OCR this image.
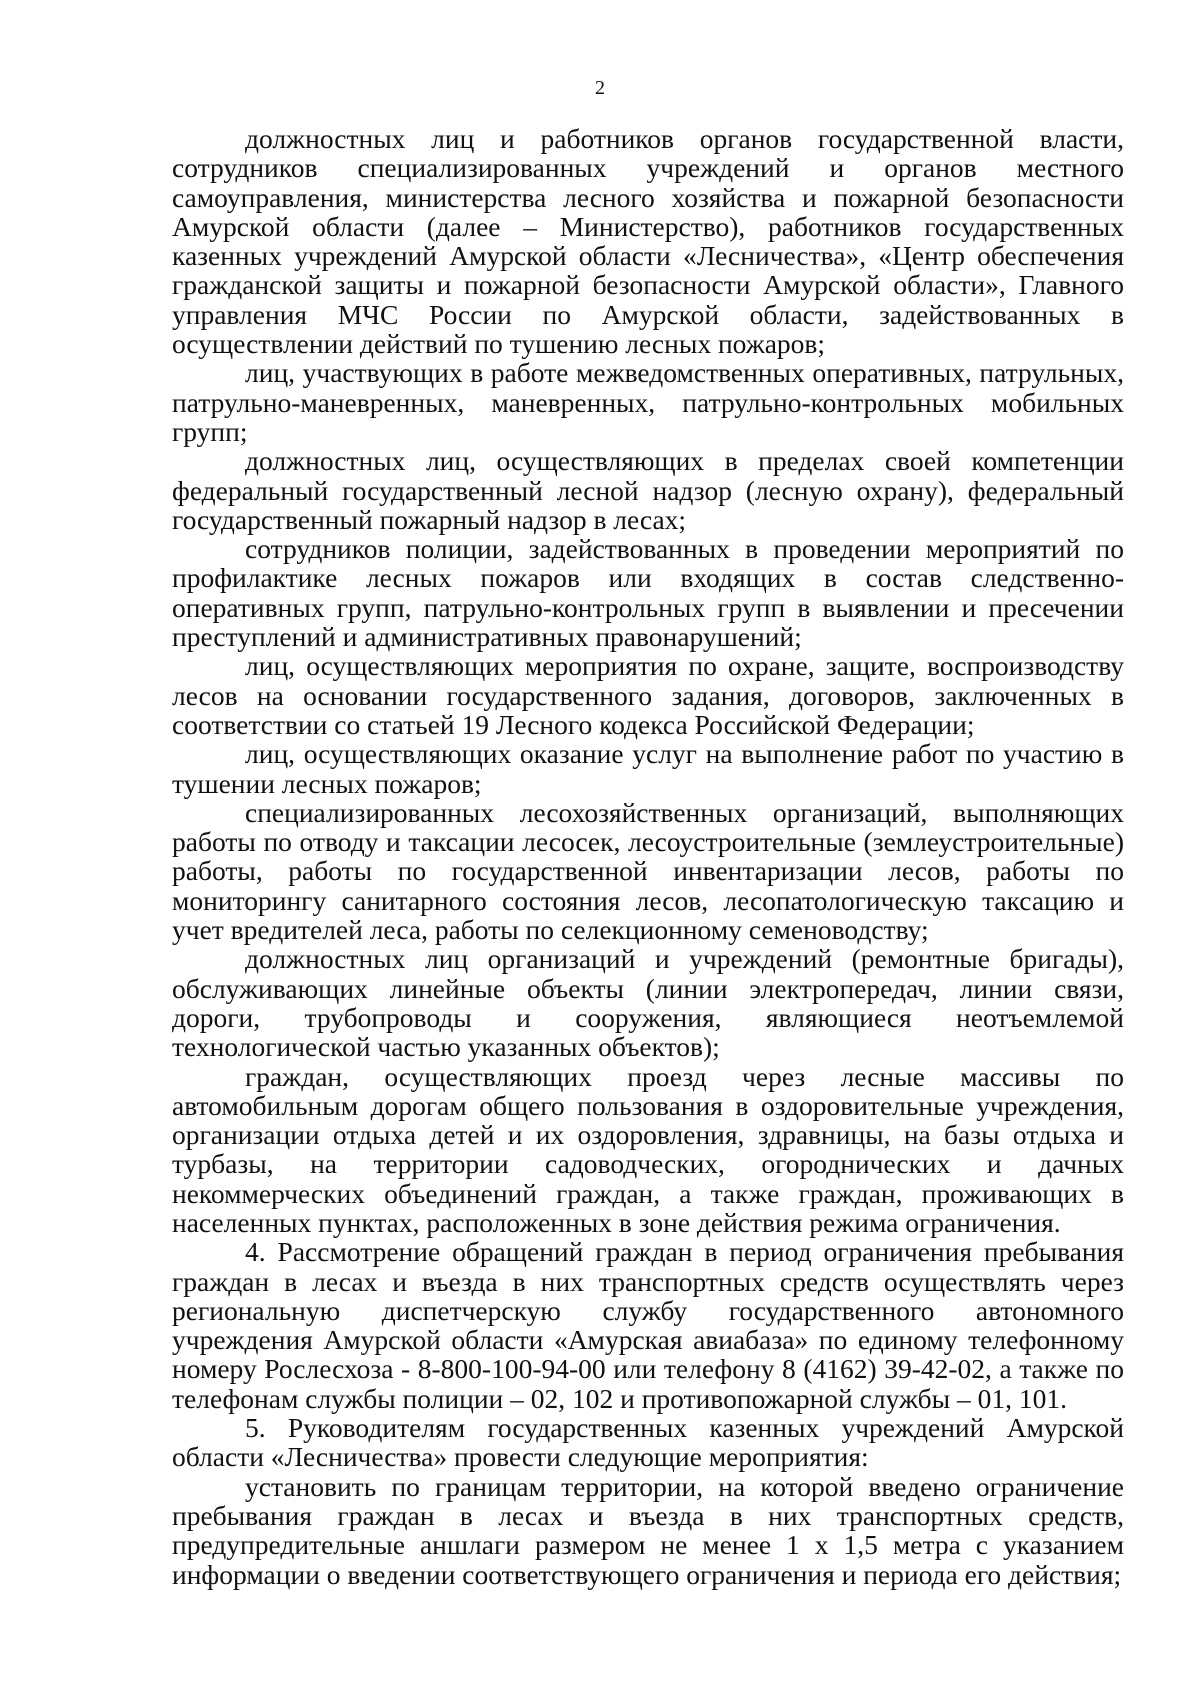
2

должностных лиц и работников органов государственной власти, сотрудников специализированных учреждений и органов местного самоуправления, министерства лесного хозяйства и пожарной безопасности Амурской области (далее – Министерство), работников государственных казенных учреждений Амурской области «Лесничества», «Центр обеспечения гражданской защиты и пожарной безопасности Амурской области», Главного управления МЧС России по Амурской области, задействованных в осуществлении действий по тушению лесных пожаров;

лиц, участвующих в работе межведомственных оперативных, патрульных, патрульно-маневренных, маневренных, патрульно-контрольных мобильных групп;

должностных лиц, осуществляющих в пределах своей компетенции федеральный государственный лесной надзор (лесную охрану), федеральный государственный пожарный надзор в лесах;

сотрудников полиции, задействованных в проведении мероприятий по профилактике лесных пожаров или входящих в состав следственно-оперативных групп, патрульно-контрольных групп в выявлении и пресечении преступлений и административных правонарушений;

лиц, осуществляющих мероприятия по охране, защите, воспроизводству лесов на основании государственного задания, договоров, заключенных в соответствии со статьей 19 Лесного кодекса Российской Федерации;

лиц, осуществляющих оказание услуг на выполнение работ по участию в тушении лесных пожаров;

специализированных лесохозяйственных организаций, выполняющих работы по отводу и таксации лесосек, лесоустроительные (землеустроительные) работы, работы по государственной инвентаризации лесов, работы по мониторингу санитарного состояния лесов, лесопатологическую таксацию и учет вредителей леса, работы по селекционному семеноводству;

должностных лиц организаций и учреждений (ремонтные бригады), обслуживающих линейные объекты (линии электропередач, линии связи, дороги, трубопроводы и сооружения, являющиеся неотъемлемой технологической частью указанных объектов);

граждан, осуществляющих проезд через лесные массивы по автомобильным дорогам общего пользования в оздоровительные учреждения, организации отдыха детей и их оздоровления, здравницы, на базы отдыха и турбазы, на территории садоводческих, огороднических и дачных некоммерческих объединений граждан, а также граждан, проживающих в населенных пунктах, расположенных в зоне действия режима ограничения.

4. Рассмотрение обращений граждан в период ограничения пребывания граждан в лесах и въезда в них транспортных средств осуществлять через региональную диспетчерскую службу государственного автономного учреждения Амурской области «Амурская авиабаза» по единому телефонному номеру Рослесхоза - 8-800-100-94-00 или телефону 8 (4162) 39-42-02, а также по телефонам службы полиции – 02, 102 и противопожарной службы – 01, 101.

5. Руководителям государственных казенных учреждений Амурской области «Лесничества» провести следующие мероприятия:

установить по границам территории, на которой введено ограничение пребывания граждан в лесах и въезда в них транспортных средств, предупредительные аншлаги размером не менее 1 х 1,5 метра с указанием информации о введении соответствующего ограничения и периода его действия;
